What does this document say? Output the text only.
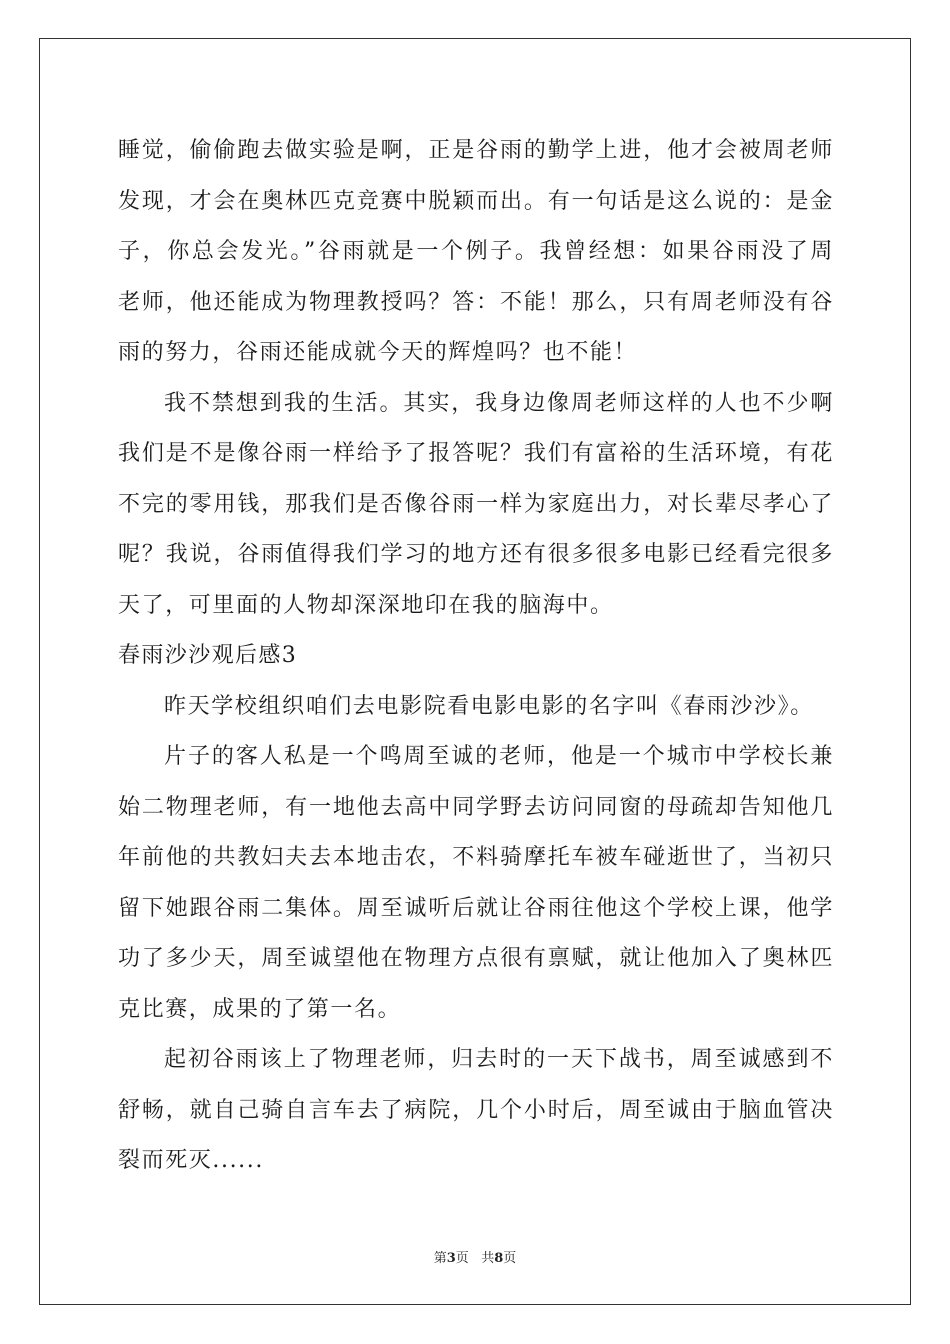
睡觉，偷偷跑去做实验是啊，正是谷雨的勤学上进，他才会被周老师
发现，才会在奥林匹克竞赛中脱颖而出。有一句话是这么说的：是金
子，你总会发光。”谷雨就是一个例子。我曾经想：如果谷雨没了周
老师，他还能成为物理教授吗？答：不能！那么，只有周老师没有谷
雨的努力，谷雨还能成就今天的辉煌吗？也不能！
我不禁想到我的生活。其实，我身边像周老师这样的人也不少啊
我们是不是像谷雨一样给予了报答呢？我们有富裕的生活环境，有花
不完的零用钱，那我们是否像谷雨一样为家庭出力，对长辈尽孝心了
呢？我说，谷雨值得我们学习的地方还有很多很多电影已经看完很多
天了，可里面的人物却深深地印在我的脑海中。
春雨沙沙观后感3
昨天学校组织咱们去电影院看电影电影的名字叫《春雨沙沙》。
片子的客人私是一个鸣周至诚的老师，他是一个城市中学校长兼
始二物理老师，有一地他去高中同学野去访问同窗的母疏却告知他几
年前他的共教妇夫去本地击农，不料骑摩托车被车碰逝世了，当初只
留下她跟谷雨二集体。周至诚听后就让谷雨往他这个学校上课，他学
功了多少天，周至诚望他在物理方点很有禀赋，就让他加入了奥林匹
克比赛，成果的了第一名。
起初谷雨该上了物理老师，归去时的一天下战书，周至诚感到不
舒畅，就自己骑自言车去了病院，几个小时后，周至诚由于脑血管决
裂而死灭......
第3页   共8页
